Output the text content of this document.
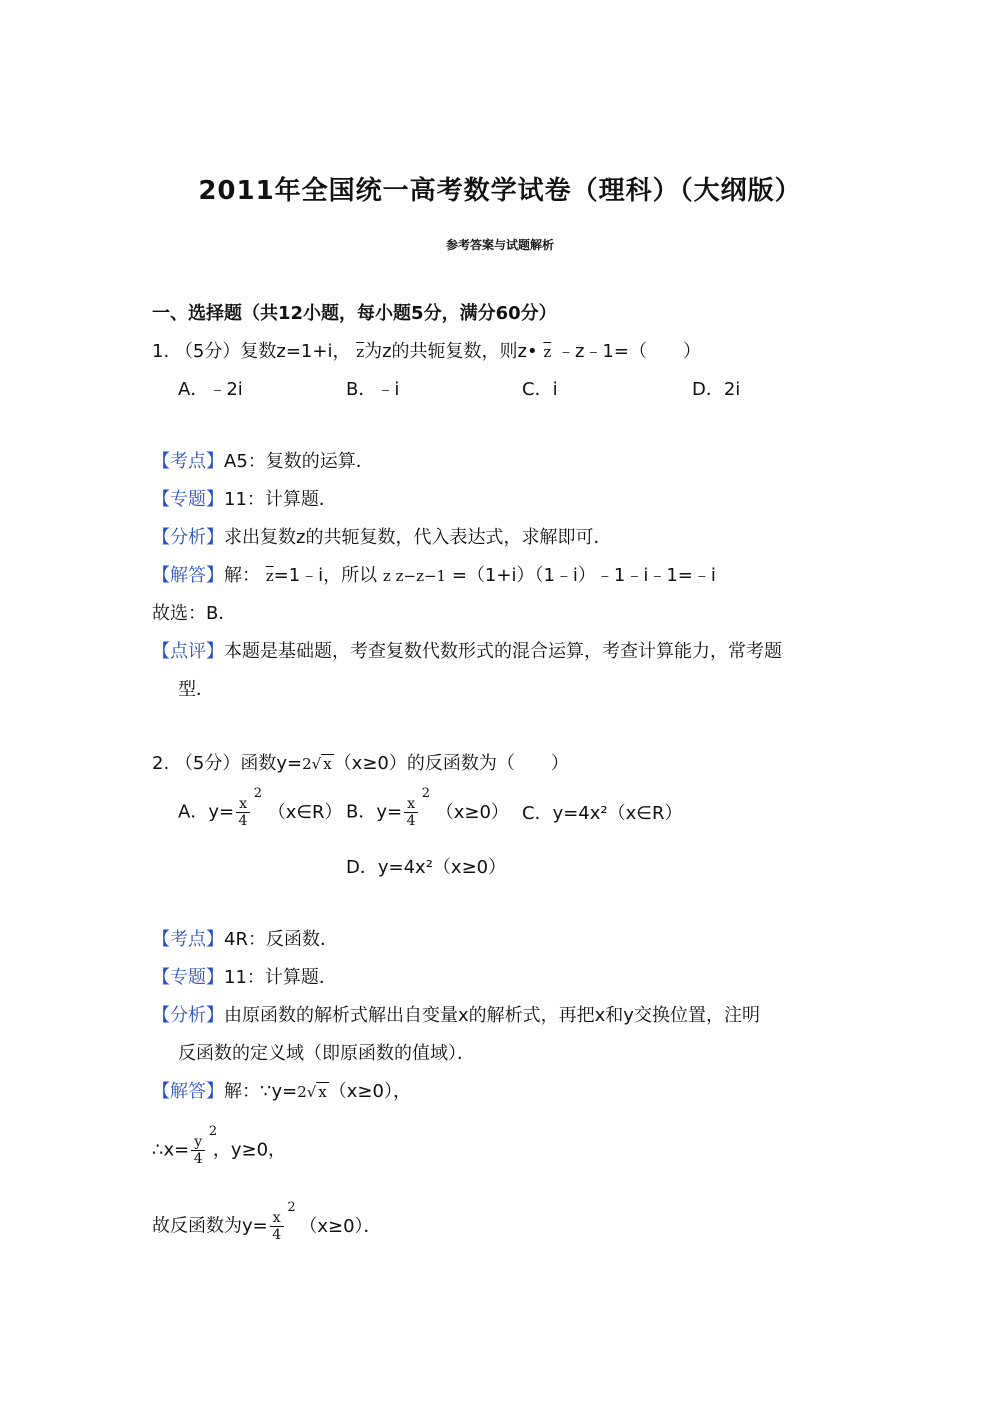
2011年全国统一高考数学试卷（理科）（大纲版）
参考答案与试题解析
一、选择题（共12小题，每小题5分，满分60分）
1. （5分）复数z=1+i， $\overline{z}$为z的共轭复数，则z• $\overline{z}$ ﹣z﹣1=（　　）
A．﹣2i	B．﹣i	C．i	D．2i
【考点】A5：复数的运算．
【专题】11：计算题．
【分析】求出复数z的共轭复数，代入表达式，求解即可．
【解答】解： $\overline{z}=1﹣i$，所以 z z−z−1 =（1+i）（1﹣i）﹣1﹣i﹣1=﹣i
故选：B．
【点评】本题是基础题，考查复数代数形式的混合运算，考查计算能力，常考题
型．
2. （5分）函数y=2√ x （x≥0）的反函数为（　　）
A．y= x
4
2
（x∈R） B．y= x
4
2
（x≥0） C．y=4x²（x∈R）
D．y=4x²（x≥0）
【考点】4R：反函数．
【专题】11：计算题．
【分析】由原函数的解析式解出自变量x的解析式，再把x和y交换位置，注明
反函数的定义域（即原函数的值域）．
【解答】解：∵y=2√ x （x≥0），
∴x= y
4
2
，y≥0，
故反函数为y= x
4
2
（x≥0）．
